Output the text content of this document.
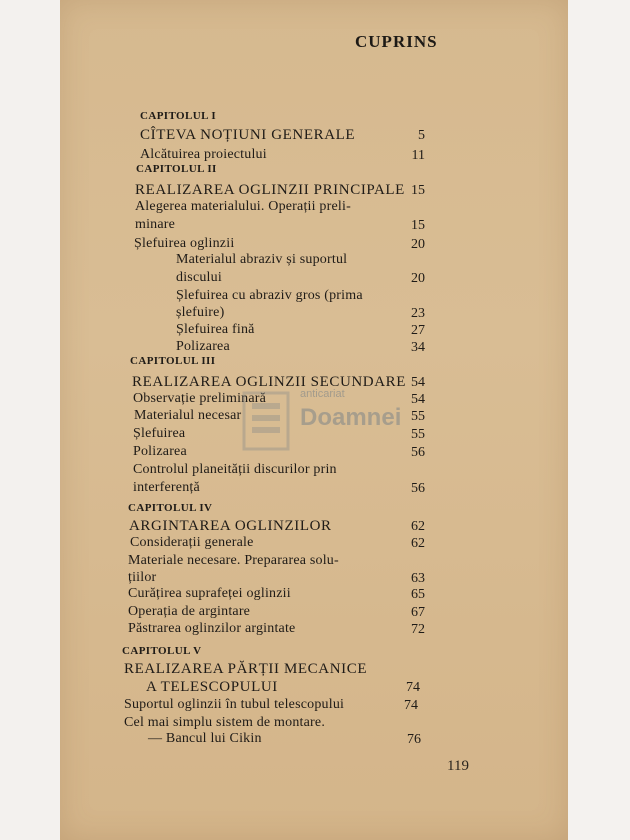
CUPRINS
CAPITOLUL I
CÎTEVA NOȚIUNI GENERALE	5
Alcătuirea proiectului	11
CAPITOLUL II
REALIZAREA OGLINZII PRINCIPALE 15
Alegerea materialului. Operații preli-
minare	15
Șlefuirea oglinzii	20
Materialul abraziv și suportul
discului	20
Șlefuirea cu abraziv gros (prima
șlefuire)	23
Șlefuirea fină	27
Polizarea	34
CAPITOLUL III
REALIZAREA OGLINZII SECUNDARE 54
Observație preliminară	54
Materialul necesar	55
Șlefuirea	55
Polizarea	56
Controlul planeității discurilor prin
interferență	56
CAPITOLUL IV
ARGINTAREA OGLINZILOR	62
Considerații generale	62
Materiale necesare. Prepararea solu-
țiilor	63
Curățirea suprafeței oglinzii	65
Operația de argintare	67
Păstrarea oglinzilor argintate	72
CAPITOLUL V
REALIZAREA PĂRȚII MECANICE
A TELESCOPULUI	74
Suportul oglinzii în tubul telescopului	74
Cel mai simplu sistem de montare.
— Bancul lui Cikin	76
anticariat
Doamnei
119
